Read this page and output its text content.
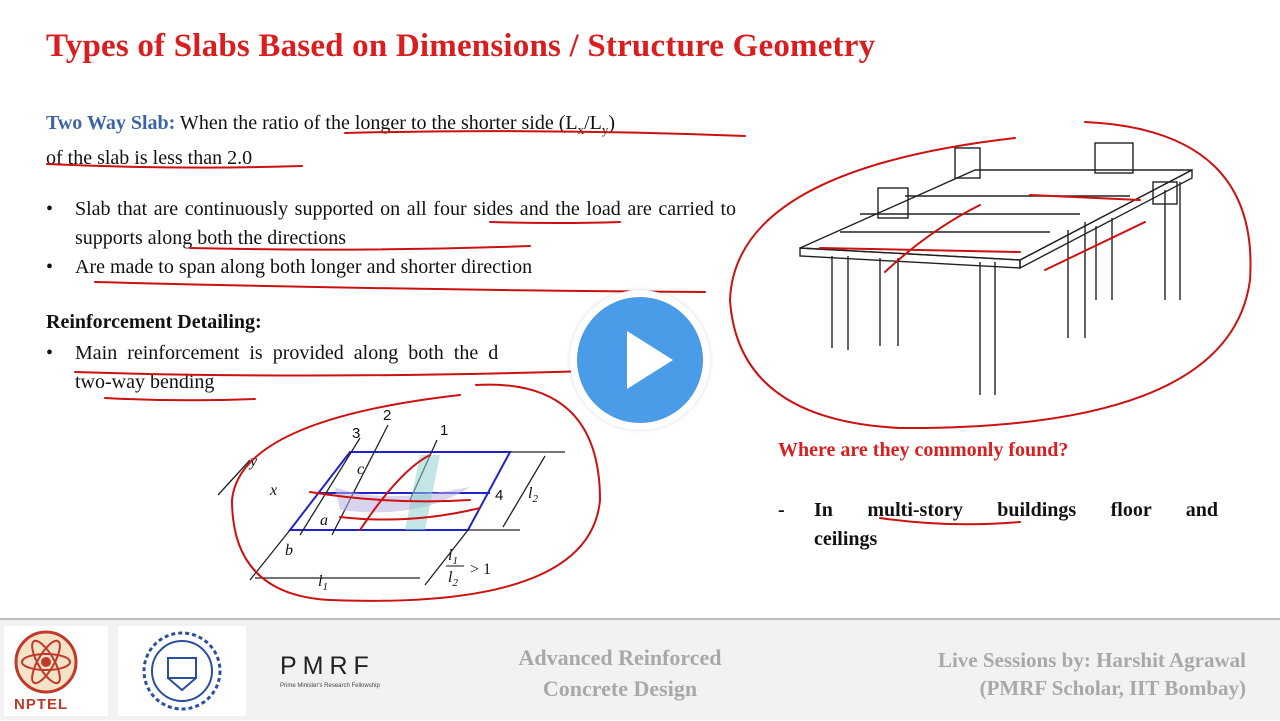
Types of Slabs Based on Dimensions / Structure Geometry
Two Way Slab: When the ratio of the longer to the shorter side $(L_x/L_y)$
of the slab is less than 2.0
•	Slab that are continuously supported on all four sides and the load are carried to supports along both the directions
•	Are made to span along both longer and shorter direction
Reinforcement Detailing:
•	Main reinforcement is provided along both the d
two-way bending
Where are they commonly found?
-	In multi-story buildings floor and ceilings
y
x
b
c
a
2
3	1
4 $l_2$
$l_1$
$l_1$
$l_2$
> 1
NPTEL
PMRF
Prime Minister's Research Fellowship
Advanced Reinforced
Concrete Design
Live Sessions by: Harshit Agrawal
(PMRF Scholar, IIT Bombay)
